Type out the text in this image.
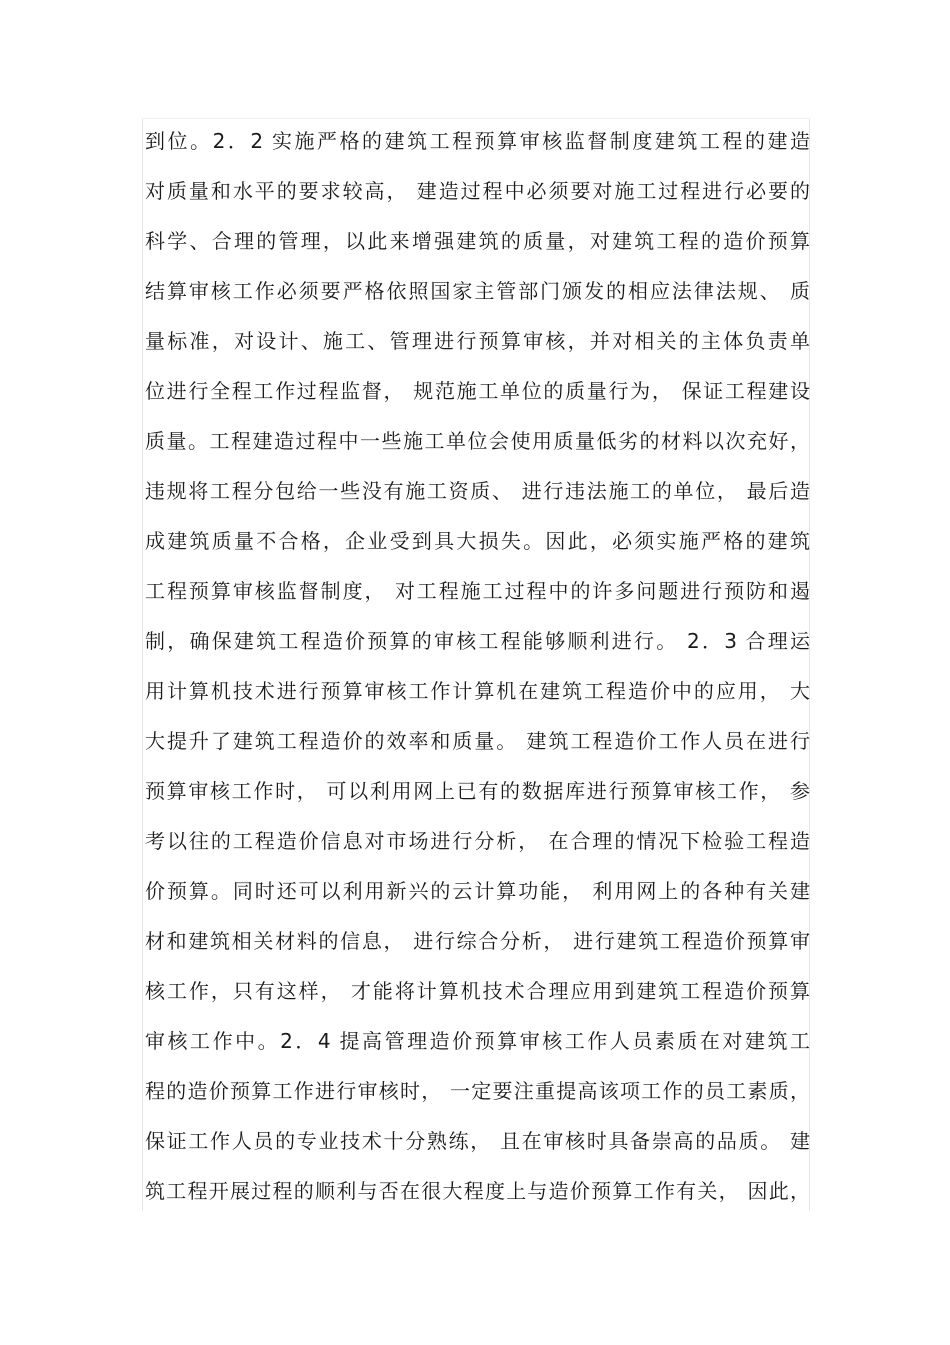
到位。2．2 实施严格的建筑工程预算审核监督制度建筑工程的建造
对质量和水平的要求较高， 建造过程中必须要对施工过程进行必要的
科学、合理的管理，以此来增强建筑的质量，对建筑工程的造价预算
结算审核工作必须要严格依照国家主管部门颁发的相应法律法规、 质
量标准，对设计、施工、管理进行预算审核，并对相关的主体负责单
位进行全程工作过程监督， 规范施工单位的质量行为， 保证工程建设
质量。工程建造过程中一些施工单位会使用质量低劣的材料以次充好，
违规将工程分包给一些没有施工资质、 进行违法施工的单位， 最后造
成建筑质量不合格，企业受到具大损失。因此，必须实施严格的建筑
工程预算审核监督制度， 对工程施工过程中的许多问题进行预防和遏
制，确保建筑工程造价预算的审核工程能够顺利进行。 2．3 合理运
用计算机技术进行预算审核工作计算机在建筑工程造价中的应用， 大
大提升了建筑工程造价的效率和质量。 建筑工程造价工作人员在进行
预算审核工作时， 可以利用网上已有的数据库进行预算审核工作， 参
考以往的工程造价信息对市场进行分析， 在合理的情况下检验工程造
价预算。同时还可以利用新兴的云计算功能， 利用网上的各种有关建
材和建筑相关材料的信息， 进行综合分析， 进行建筑工程造价预算审
核工作，只有这样， 才能将计算机技术合理应用到建筑工程造价预算
审核工作中。2．4 提高管理造价预算审核工作人员素质在对建筑工
程的造价预算工作进行审核时， 一定要注重提高该项工作的员工素质，
保证工作人员的专业技术十分熟练， 且在审核时具备崇高的品质。 建
筑工程开展过程的顺利与否在很大程度上与造价预算工作有关， 因此，
